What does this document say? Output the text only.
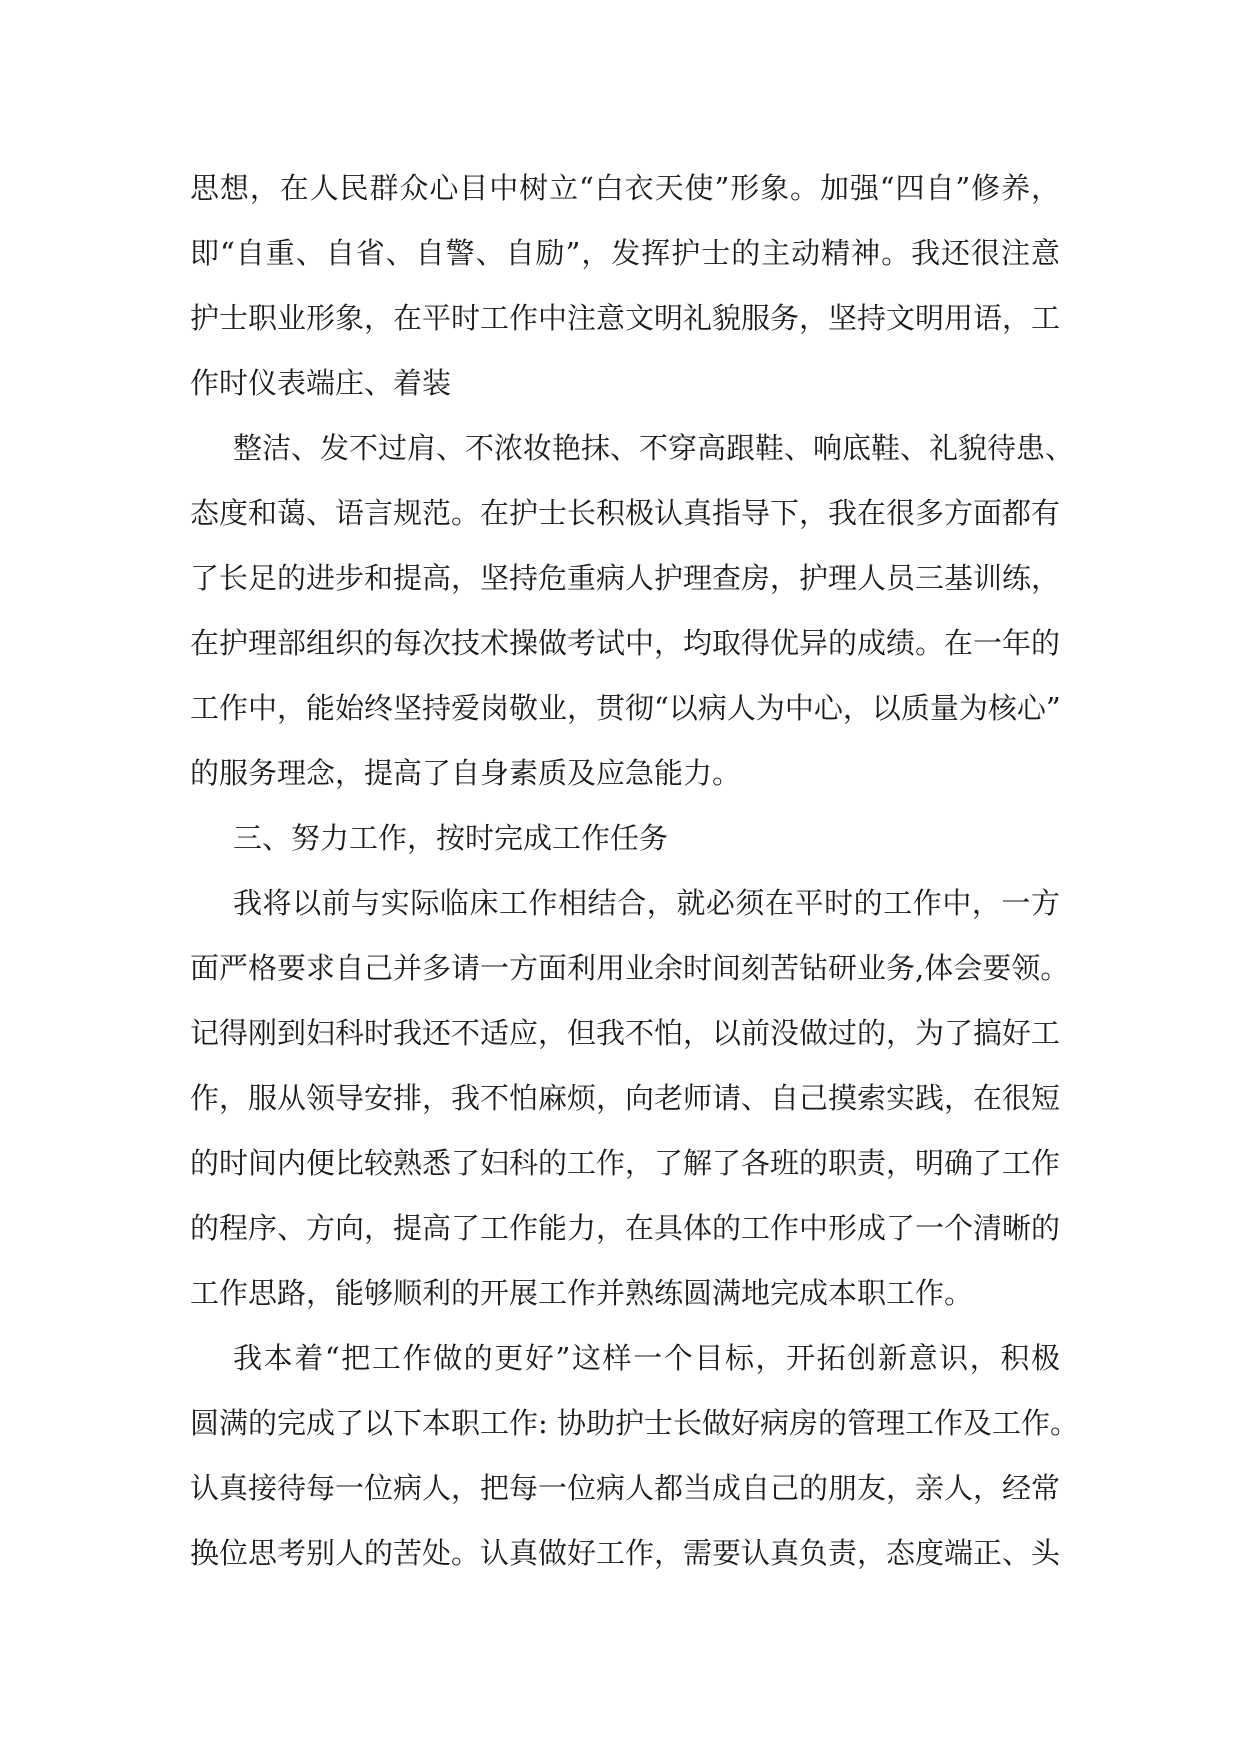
思想，在人民群众心目中树立“白衣天使”形象。加强“四自”修养，
即“自重、自省、自警、自励”，发挥护士的主动精神。我还很注意
护士职业形象，在平时工作中注意文明礼貌服务，坚持文明用语，工
作时仪表端庄、着装
整洁、发不过肩、不浓妆艳抹、不穿高跟鞋、响底鞋、礼貌待患、
态度和蔼、语言规范。在护士长积极认真指导下，我在很多方面都有
了长足的进步和提高，坚持危重病人护理查房，护理人员三基训练，
在护理部组织的每次技术操做考试中，均取得优异的成绩。在一年的
工作中，能始终坚持爱岗敬业，贯彻“以病人为中心，以质量为核心”
的服务理念，提高了自身素质及应急能力。
三、努力工作，按时完成工作任务
我将以前与实际临床工作相结合，就必须在平时的工作中，一方
面严格要求自己并多请一方面利用业余时间刻苦钻研业务,体会要领。
记得刚到妇科时我还不适应，但我不怕，以前没做过的，为了搞好工
作，服从领导安排，我不怕麻烦，向老师请、自己摸索实践，在很短
的时间内便比较熟悉了妇科的工作，了解了各班的职责，明确了工作
的程序、方向，提高了工作能力，在具体的工作中形成了一个清晰的
工作思路，能够顺利的开展工作并熟练圆满地完成本职工作。
我本着“把工作做的更好”这样一个目标，开拓创新意识，积极
圆满的完成了以下本职工作: 协助护士长做好病房的管理工作及工作。
认真接待每一位病人，把每一位病人都当成自己的朋友，亲人，经常
换位思考别人的苦处。认真做好工作，需要认真负责，态度端正、头
